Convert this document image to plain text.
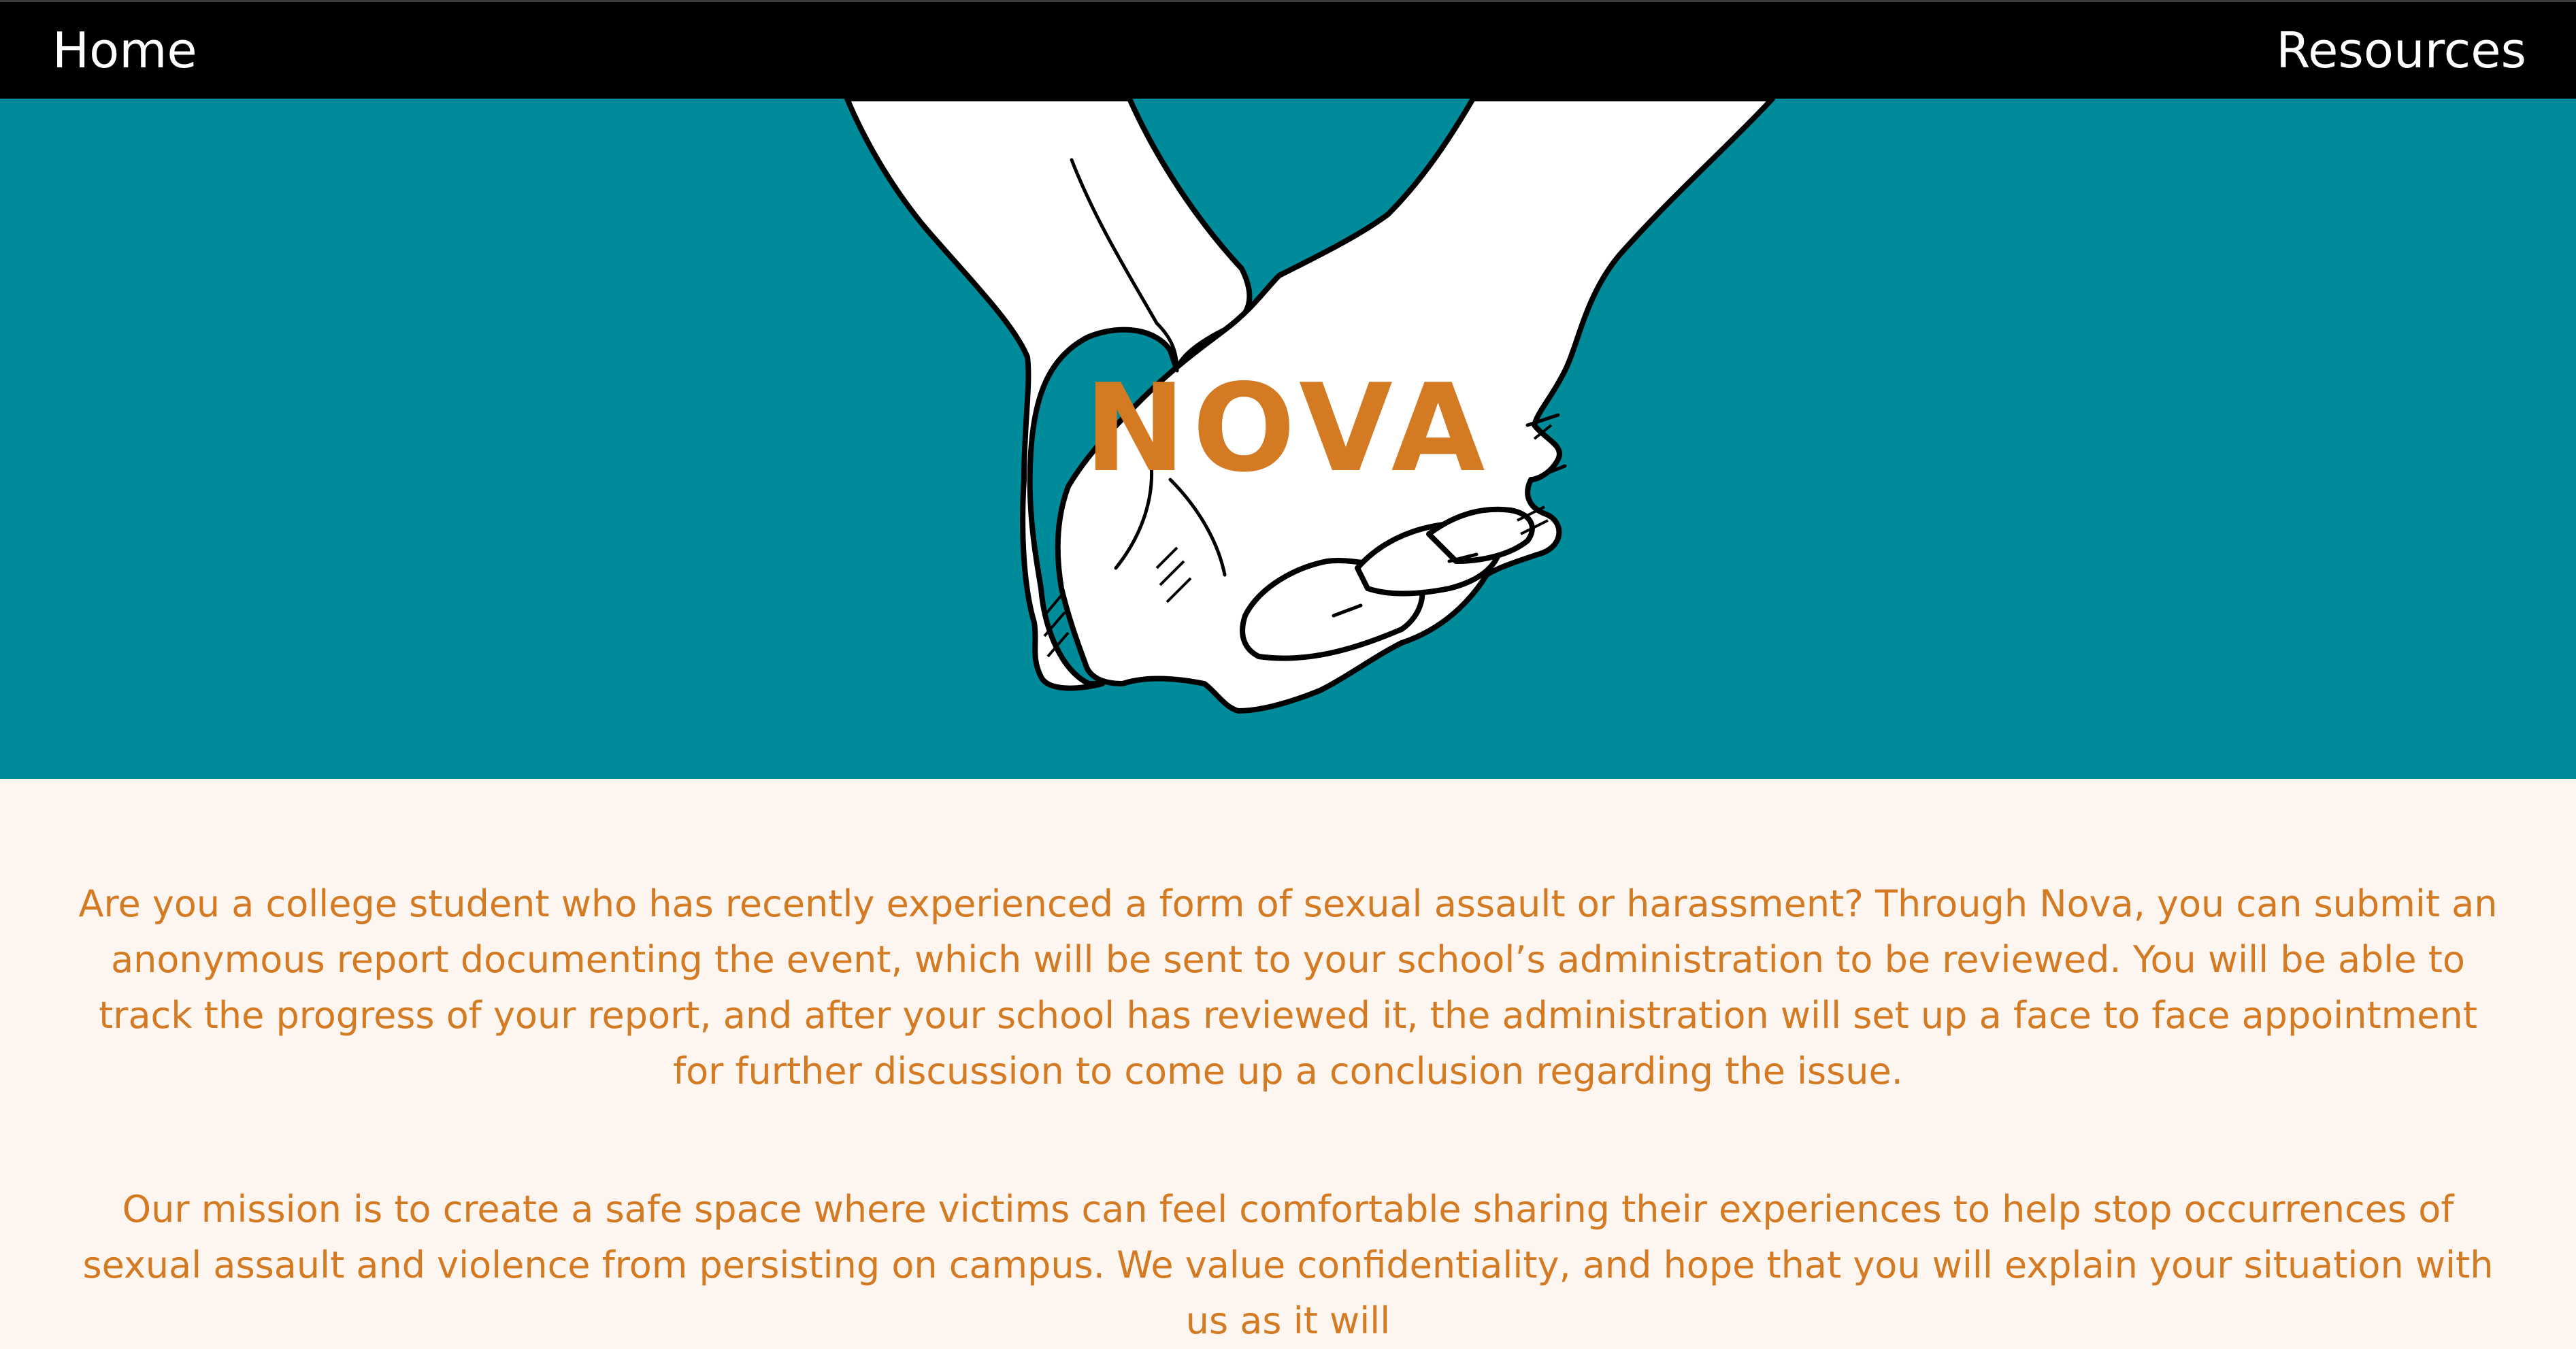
Home	Resources
NOVA

Are you a college student who has recently experienced a form of sexual assault or harassment? Through Nova, you can submit an anonymous report documenting the event, which will be sent to your school’s administration to be reviewed. You will be able to track the progress of your report, and after your school has reviewed it, the administration will set up a face to face appointment for further discussion to come up a conclusion regarding the issue.

Our mission is to create a safe space where victims can feel comfortable sharing their experiences to help stop occurrences of sexual assault and violence from persisting on campus. We value confidentiality, and hope that you will explain your situation with us as it will
